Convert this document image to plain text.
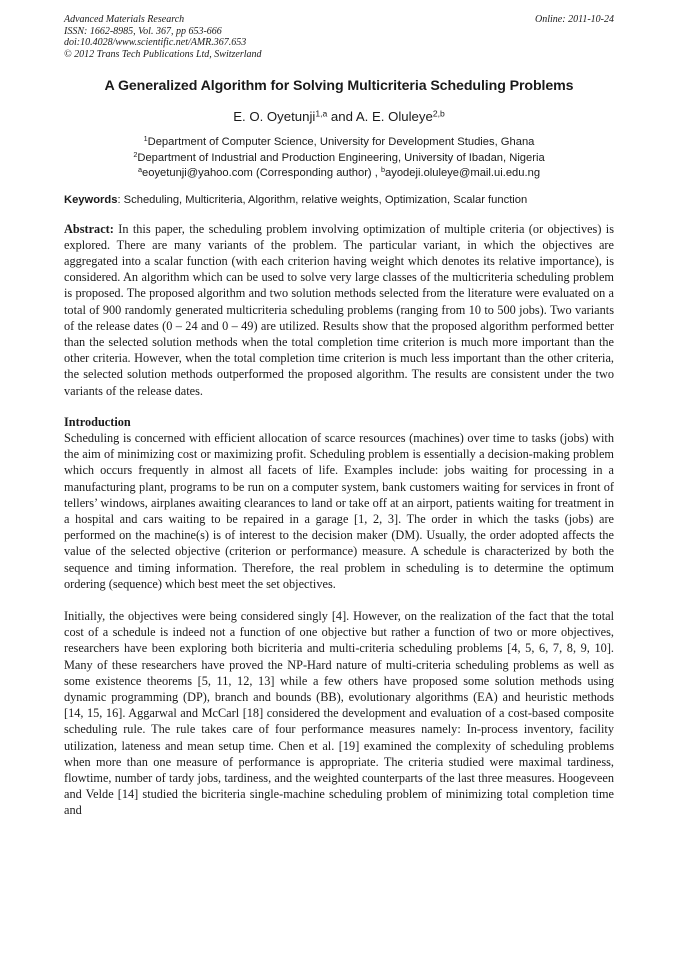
Advanced Materials Research
ISSN: 1662-8985, Vol. 367, pp 653-666
doi:10.4028/www.scientific.net/AMR.367.653
© 2012 Trans Tech Publications Ltd, Switzerland
Online: 2011-10-24
A Generalized Algorithm for Solving Multicriteria Scheduling Problems
E. O. Oyetunji$^{1,a}$ and A. E. Oluleye$^{2,b}$
$^1$Department of Computer Science, University for Development Studies, Ghana
$^2$Department of Industrial and Production Engineering, University of Ibadan, Nigeria
$^a$eoyetunji@yahoo.com (Corresponding author) , $^b$ayodeji.oluleye@mail.ui.edu.ng
Keywords: Scheduling, Multicriteria, Algorithm, relative weights, Optimization, Scalar function
Abstract: In this paper, the scheduling problem involving optimization of multiple criteria (or objectives) is explored. There are many variants of the problem. The particular variant, in which the objectives are aggregated into a scalar function (with each criterion having weight which denotes its relative importance), is considered. An algorithm which can be used to solve very large classes of the multicriteria scheduling problem is proposed. The proposed algorithm and two solution methods selected from the literature were evaluated on a total of 900 randomly generated multicriteria scheduling problems (ranging from 10 to 500 jobs). Two variants of the release dates (0 – 24 and 0 – 49) are utilized. Results show that the proposed algorithm performed better than the selected solution methods when the total completion time criterion is much more important than the other criteria. However, when the total completion time criterion is much less important than the other criteria, the selected solution methods outperformed the proposed algorithm. The results are consistent under the two variants of the release dates.
Introduction
Scheduling is concerned with efficient allocation of scarce resources (machines) over time to tasks (jobs) with the aim of minimizing cost or maximizing profit. Scheduling problem is essentially a decision-making problem which occurs frequently in almost all facets of life. Examples include: jobs waiting for processing in a manufacturing plant, programs to be run on a computer system, bank customers waiting for services in front of tellers’ windows, airplanes awaiting clearances to land or take off at an airport, patients waiting for treatment in a hospital and cars waiting to be repaired in a garage [1, 2, 3]. The order in which the tasks (jobs) are performed on the machine(s) is of interest to the decision maker (DM). Usually, the order adopted affects the value of the selected objective (criterion or performance) measure. A schedule is characterized by both the sequence and timing information. Therefore, the real problem in scheduling is to determine the optimum ordering (sequence) which best meet the set objectives.
Initially, the objectives were being considered singly [4]. However, on the realization of the fact that the total cost of a schedule is indeed not a function of one objective but rather a function of two or more objectives, researchers have been exploring both bicriteria and multi-criteria scheduling problems [4, 5, 6, 7, 8, 9, 10]. Many of these researchers have proved the NP-Hard nature of multi-criteria scheduling problems as well as some existence theorems [5, 11, 12, 13] while a few others have proposed some solution methods using dynamic programming (DP), branch and bounds (BB), evolutionary algorithms (EA) and heuristic methods [14, 15, 16]. Aggarwal and McCarl [18] considered the development and evaluation of a cost-based composite scheduling rule. The rule takes care of four performance measures namely: In-process inventory, facility utilization, lateness and mean setup time. Chen et al. [19] examined the complexity of scheduling problems when more than one measure of performance is appropriate. The criteria studied were maximal tardiness, flowtime, number of tardy jobs, tardiness, and the weighted counterparts of the last three measures. Hoogeveen and Velde [14] studied the bicriteria single-machine scheduling problem of minimizing total completion time and
